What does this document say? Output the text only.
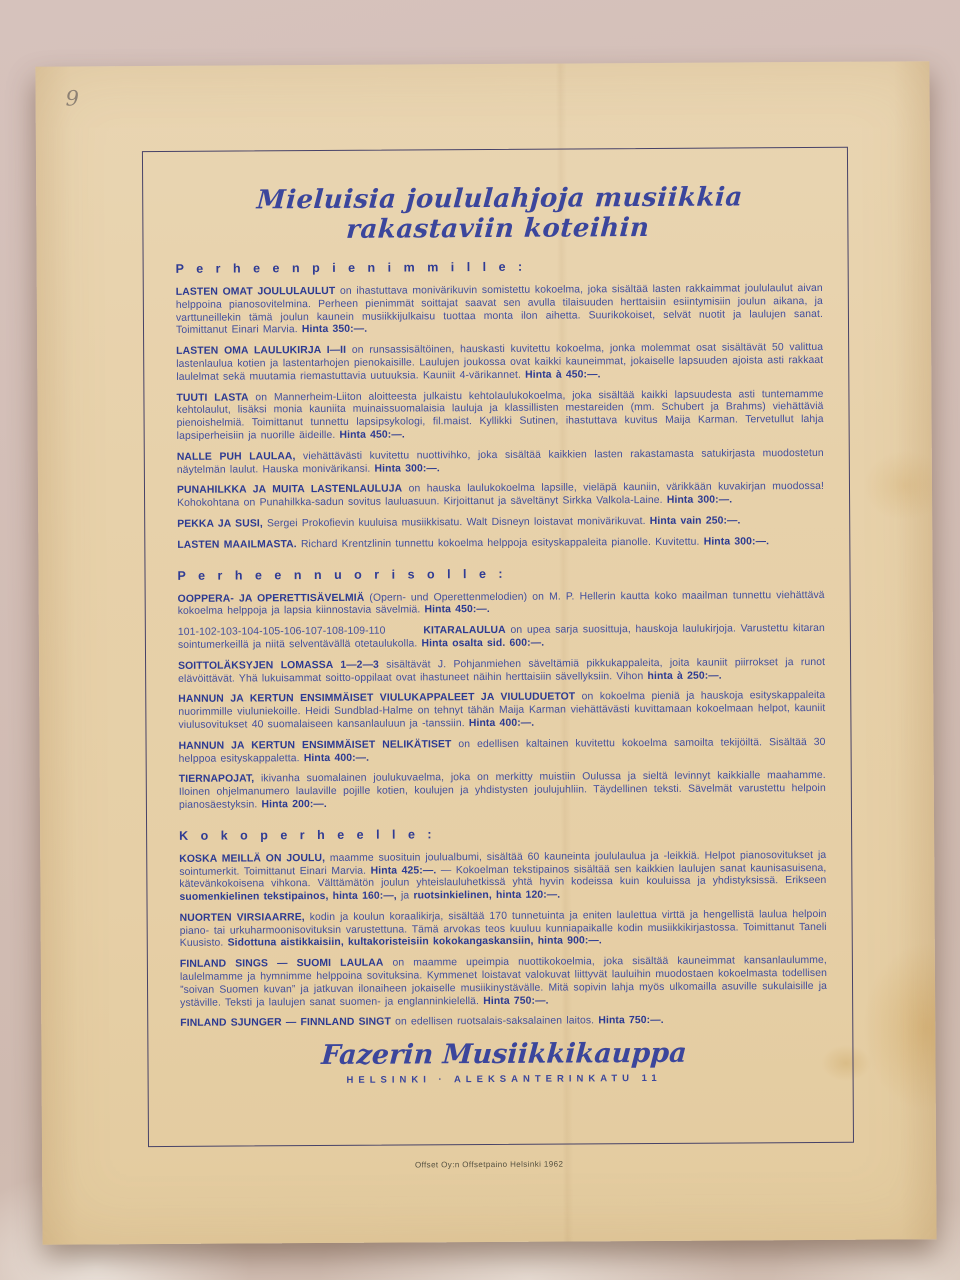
9
Mieluisia joululahjoja musiikkia rakastaviin koteihin
P e r h e e n p i e n i m m i l l e :

LASTEN OMAT JOULULAULUT on ihastuttava monivärikuvin somistettu kokoelma, joka sisältää lasten rakkaimmat joululaulut aivan helppoina pianosovitelmina. Perheen pienimmät soittajat saavat sen avulla tilaisuuden herttaisiin esiintymisiin joulun aikana, ja varttuneillekin tämä joulun kaunein musiikkijulkaisu tuottaa monta ilon aihetta. Suurikokoiset, selvät nuotit ja laulujen sanat. Toimittanut Einari Marvia. Hinta 350:—.

LASTEN OMA LAULUKIRJA I—II on runsassisältöinen, hauskasti kuvitettu kokoelma, jonka molemmat osat sisältävät 50 valittua lastenlaulua kotien ja lastentarhojen pienokaisille. Laulujen joukossa ovat kaikki kauneimmat, jokaiselle lapsuuden ajoista asti rakkaat laulelmat sekä muutamia riemastuttavia uutuuksia. Kauniit 4-värikannet. Hinta à 450:—.

TUUTI LASTA on Mannerheim-Liiton aloitteesta julkaistu kehtolaulukokoelma, joka sisältää kaikki lapsuudesta asti tuntemamme kehtolaulut, lisäksi monia kauniita muinaissuomalaisia lauluja ja klassillisten mestareiden (mm. Schubert ja Brahms) viehättäviä pienoishelmiä. Toimittanut tunnettu lapsipsykologi, fil.maist. Kyllikki Sutinen, ihastuttava kuvitus Maija Karman. Tervetullut lahja lapsiperheisiin ja nuorille äideille. Hinta 450:—.

NALLE PUH LAULAA, viehättävästi kuvitettu nuottivihko, joka sisältää kaikkien lasten rakastamasta satukirjasta muodostetun näytelmän laulut. Hauska monivärikansi. Hinta 300:—.

PUNAHILKKA JA MUITA LASTENLAULUJA on hauska laulukokoelma lapsille, vieläpä kauniin, värikkään kuvakirjan muodossa! Kohokohtana on Punahilkka-sadun sovitus lauluasuun. Kirjoittanut ja säveltänyt Sirkka Valkola-Laine. Hinta 300:—.

PEKKA JA SUSI, Sergei Prokofievin kuuluisa musiikkisatu. Walt Disneyn loistavat monivärikuvat. Hinta vain 250:—.

LASTEN MAAILMASTA. Richard Krentzlinin tunnettu kokoelma helppoja esityskappaleita pianolle. Kuvitettu. Hinta 300:—.

P e r h e e n n u o r i s o l l e :

OOPPERA- JA OPERETTISÄVELMIÄ (Opern- und Operettenmelodien) on M. P. Hellerin kautta koko maailman tunnettu viehättävä kokoelma helppoja ja lapsia kiinnostavia sävelmiä. Hinta 450:—.

101-102-103-104-105-106-107-108-109-110	KITARALAULUA on upea sarja suosittuja, hauskoja laulukirjoja. Varustettu kitaran sointumerkeillä ja niitä selventävällä otetaulukolla. Hinta osalta sid. 600:—.

SOITTOLÄKSYJEN LOMASSA 1—2—3 sisältävät J. Pohjanmiehen säveltämiä pikkukappaleita, joita kauniit piirrokset ja runot elävöittävät. Yhä lukuisammat soitto-oppilaat ovat ihastuneet näihin herttaisiin sävellyksiin. Vihon hinta à 250:—.

HANNUN JA KERTUN ENSIMMÄISET VIULUKAPPALEET JA VIULUDUETOT on kokoelma pieniä ja hauskoja esityskappaleita nuorimmille viuluniekoille. Heidi Sundblad-Halme on tehnyt tähän Maija Karman viehättävästi kuvittamaan kokoelmaan helpot, kauniit viulusovitukset 40 suomalaiseen kansanlauluun ja -tanssiin. Hinta 400:—.

HANNUN JA KERTUN ENSIMMÄISET NELIKÄTISET on edellisen kaltainen kuvitettu kokoelma samoilta tekijöiltä. Sisältää 30 helppoa esityskappaletta. Hinta 400:—.

TIERNAPOJAT, ikivanha suomalainen joulukuvaelma, joka on merkitty muistiin Oulussa ja sieltä levinnyt kaikkialle maahamme. Iloinen ohjelmanumero laulaville pojille kotien, koulujen ja yhdistysten joulujuhliin. Täydellinen teksti. Sävelmät varustettu helpoin pianosäestyksin. Hinta 200:—.

K o k o p e r h e e l l e :

KOSKA MEILLÄ ON JOULU, maamme suosituin joulualbumi, sisältää 60 kauneinta joululaulua ja -leikkiä. Helpot pianosovitukset ja sointumerkit. Toimittanut Einari Marvia. Hinta 425:—. — Kokoelman tekstipainos sisältää sen kaikkien laulujen sanat kaunisasuisena, kätevänkokoisena vihkona. Välttämätön joulun yhteislauluhetkissä yhtä hyvin kodeissa kuin kouluissa ja yhdistyksissä. Erikseen suomenkielinen tekstipainos, hinta 160:—, ja ruotsinkielinen, hinta 120:—.

NUORTEN VIRSIAARRE, kodin ja koulun koraalikirja, sisältää 170 tunnetuinta ja eniten laulettua virttä ja hengellistä laulua helpoin piano- tai urkuharmoonisovituksin varustettuna. Tämä arvokas teos kuuluu kunniapaikalle kodin musiikkikirjastossa. Toimittanut Taneli Kuusisto. Sidottuna aistikkaisiin, kultakoristeisiin kokokangaskansiin, hinta 900:—.

FINLAND SINGS — SUOMI LAULAA on maamme upeimpia nuottikokoelmia, joka sisältää kauneimmat kansanlaulumme, laulelmamme ja hymnimme helppoina sovituksina. Kymmenet loistavat valokuvat liittyvät lauluihin muodostaen kokoelmasta todellisen ”soivan Suomen kuvan” ja jatkuvan ilonaiheen jokaiselle musiikinystävälle. Mitä sopivin lahja myös ulkomailla asuville sukulaisille ja ystäville. Teksti ja laulujen sanat suomen- ja englanninkielellä. Hinta 750:—.

FINLAND SJUNGER — FINNLAND SINGT on edellisen ruotsalais-saksalainen laitos. Hinta 750:—.

Fazerin Musiikkikauppa
HELSINKI · ALEKSANTERINKATU 11
Offset Oy:n Offsetpaino Helsinki 1962
